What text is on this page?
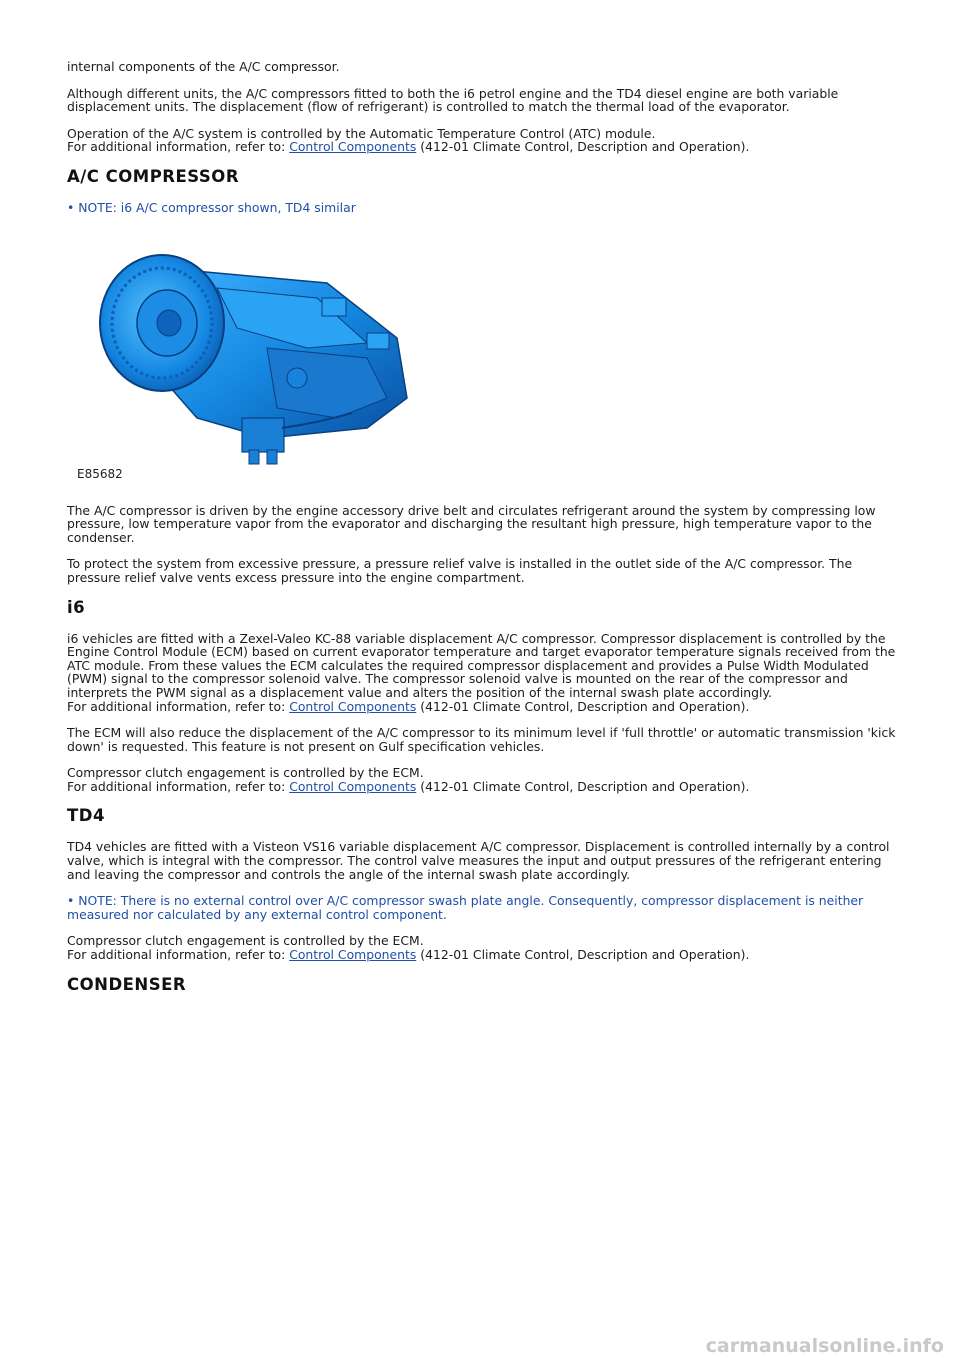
internal components of the A/C compressor.

Although different units, the A/C compressors fitted to both the i6 petrol engine and the TD4 diesel engine are both variable displacement units. The displacement (flow of refrigerant) is controlled to match the thermal load of the evaporator.

Operation of the A/C system is controlled by the Automatic Temperature Control (ATC) module.
For additional information, refer to: Control Components (412-01 Climate Control, Description and Operation).

A/C COMPRESSOR

• NOTE: i6 A/C compressor shown, TD4 similar

E85682

The A/C compressor is driven by the engine accessory drive belt and circulates refrigerant around the system by compressing low pressure, low temperature vapor from the evaporator and discharging the resultant high pressure, high temperature vapor to the condenser.

To protect the system from excessive pressure, a pressure relief valve is installed in the outlet side of the A/C compressor. The pressure relief valve vents excess pressure into the engine compartment.

i6

i6 vehicles are fitted with a Zexel-Valeo KC-88 variable displacement A/C compressor. Compressor displacement is controlled by the Engine Control Module (ECM) based on current evaporator temperature and target evaporator temperature signals received from the ATC module. From these values the ECM calculates the required compressor displacement and provides a Pulse Width Modulated (PWM) signal to the compressor solenoid valve. The compressor solenoid valve is mounted on the rear of the compressor and interprets the PWM signal as a displacement value and alters the position of the internal swash plate accordingly.
For additional information, refer to: Control Components (412-01 Climate Control, Description and Operation).

The ECM will also reduce the displacement of the A/C compressor to its minimum level if 'full throttle' or automatic transmission 'kick down' is requested. This feature is not present on Gulf specification vehicles.

Compressor clutch engagement is controlled by the ECM.
For additional information, refer to: Control Components (412-01 Climate Control, Description and Operation).

TD4

TD4 vehicles are fitted with a Visteon VS16 variable displacement A/C compressor. Displacement is controlled internally by a control valve, which is integral with the compressor. The control valve measures the input and output pressures of the refrigerant entering and leaving the compressor and controls the angle of the internal swash plate accordingly.

• NOTE: There is no external control over A/C compressor swash plate angle. Consequently, compressor displacement is neither measured nor calculated by any external control component.

Compressor clutch engagement is controlled by the ECM.
For additional information, refer to: Control Components (412-01 Climate Control, Description and Operation).

CONDENSER
carmanualsonline.info
